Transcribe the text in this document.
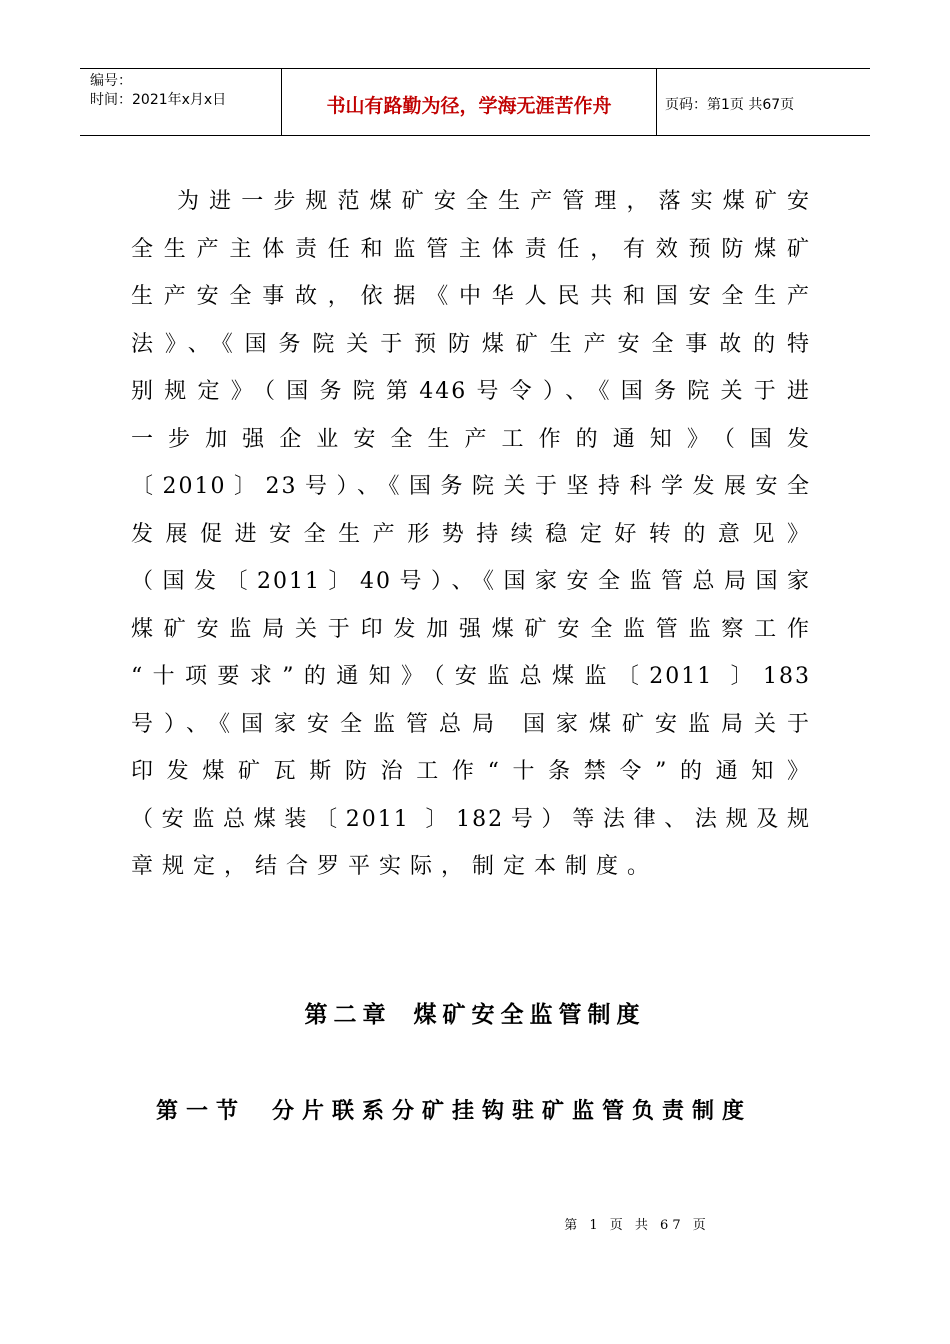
编号：
时间：2021年x月x日	书山有路勤为径，学海无涯苦作舟	页码：第1页 共67页
为进一步规范煤矿安全生产管理，落实煤矿安
全生产主体责任和监管主体责任，有效预防煤矿
生产安全事故，依据《中华人民共和国安全生产
法》、《国务院关于预防煤矿生产安全事故的特
别规定》（国务院第446号令）、《国务院关于进
一步加强企业安全生产工作的通知》（国发
〔2010〕23号）、《国务院关于坚持科学发展安全
发展促进安全生产形势持续稳定好转的意见》
（国发〔2011〕40号）、《国家安全监管总局国家
煤矿安监局关于印发加强煤矿安全监管监察工作
“十项要求”的通知》（安监总煤监〔2011 〕183
号）、《国家安全监管总局 国家煤矿安监局关于
印发煤矿瓦斯防治工作“十条禁令”的通知》
（安监总煤装〔2011 〕182号）等法律、法规及规
章规定，结合罗平实际，制定本制度。
第二章 煤矿安全监管制度
第一节 分片联系分矿挂钩驻矿监管负责制度
第 1 页 共 67 页
